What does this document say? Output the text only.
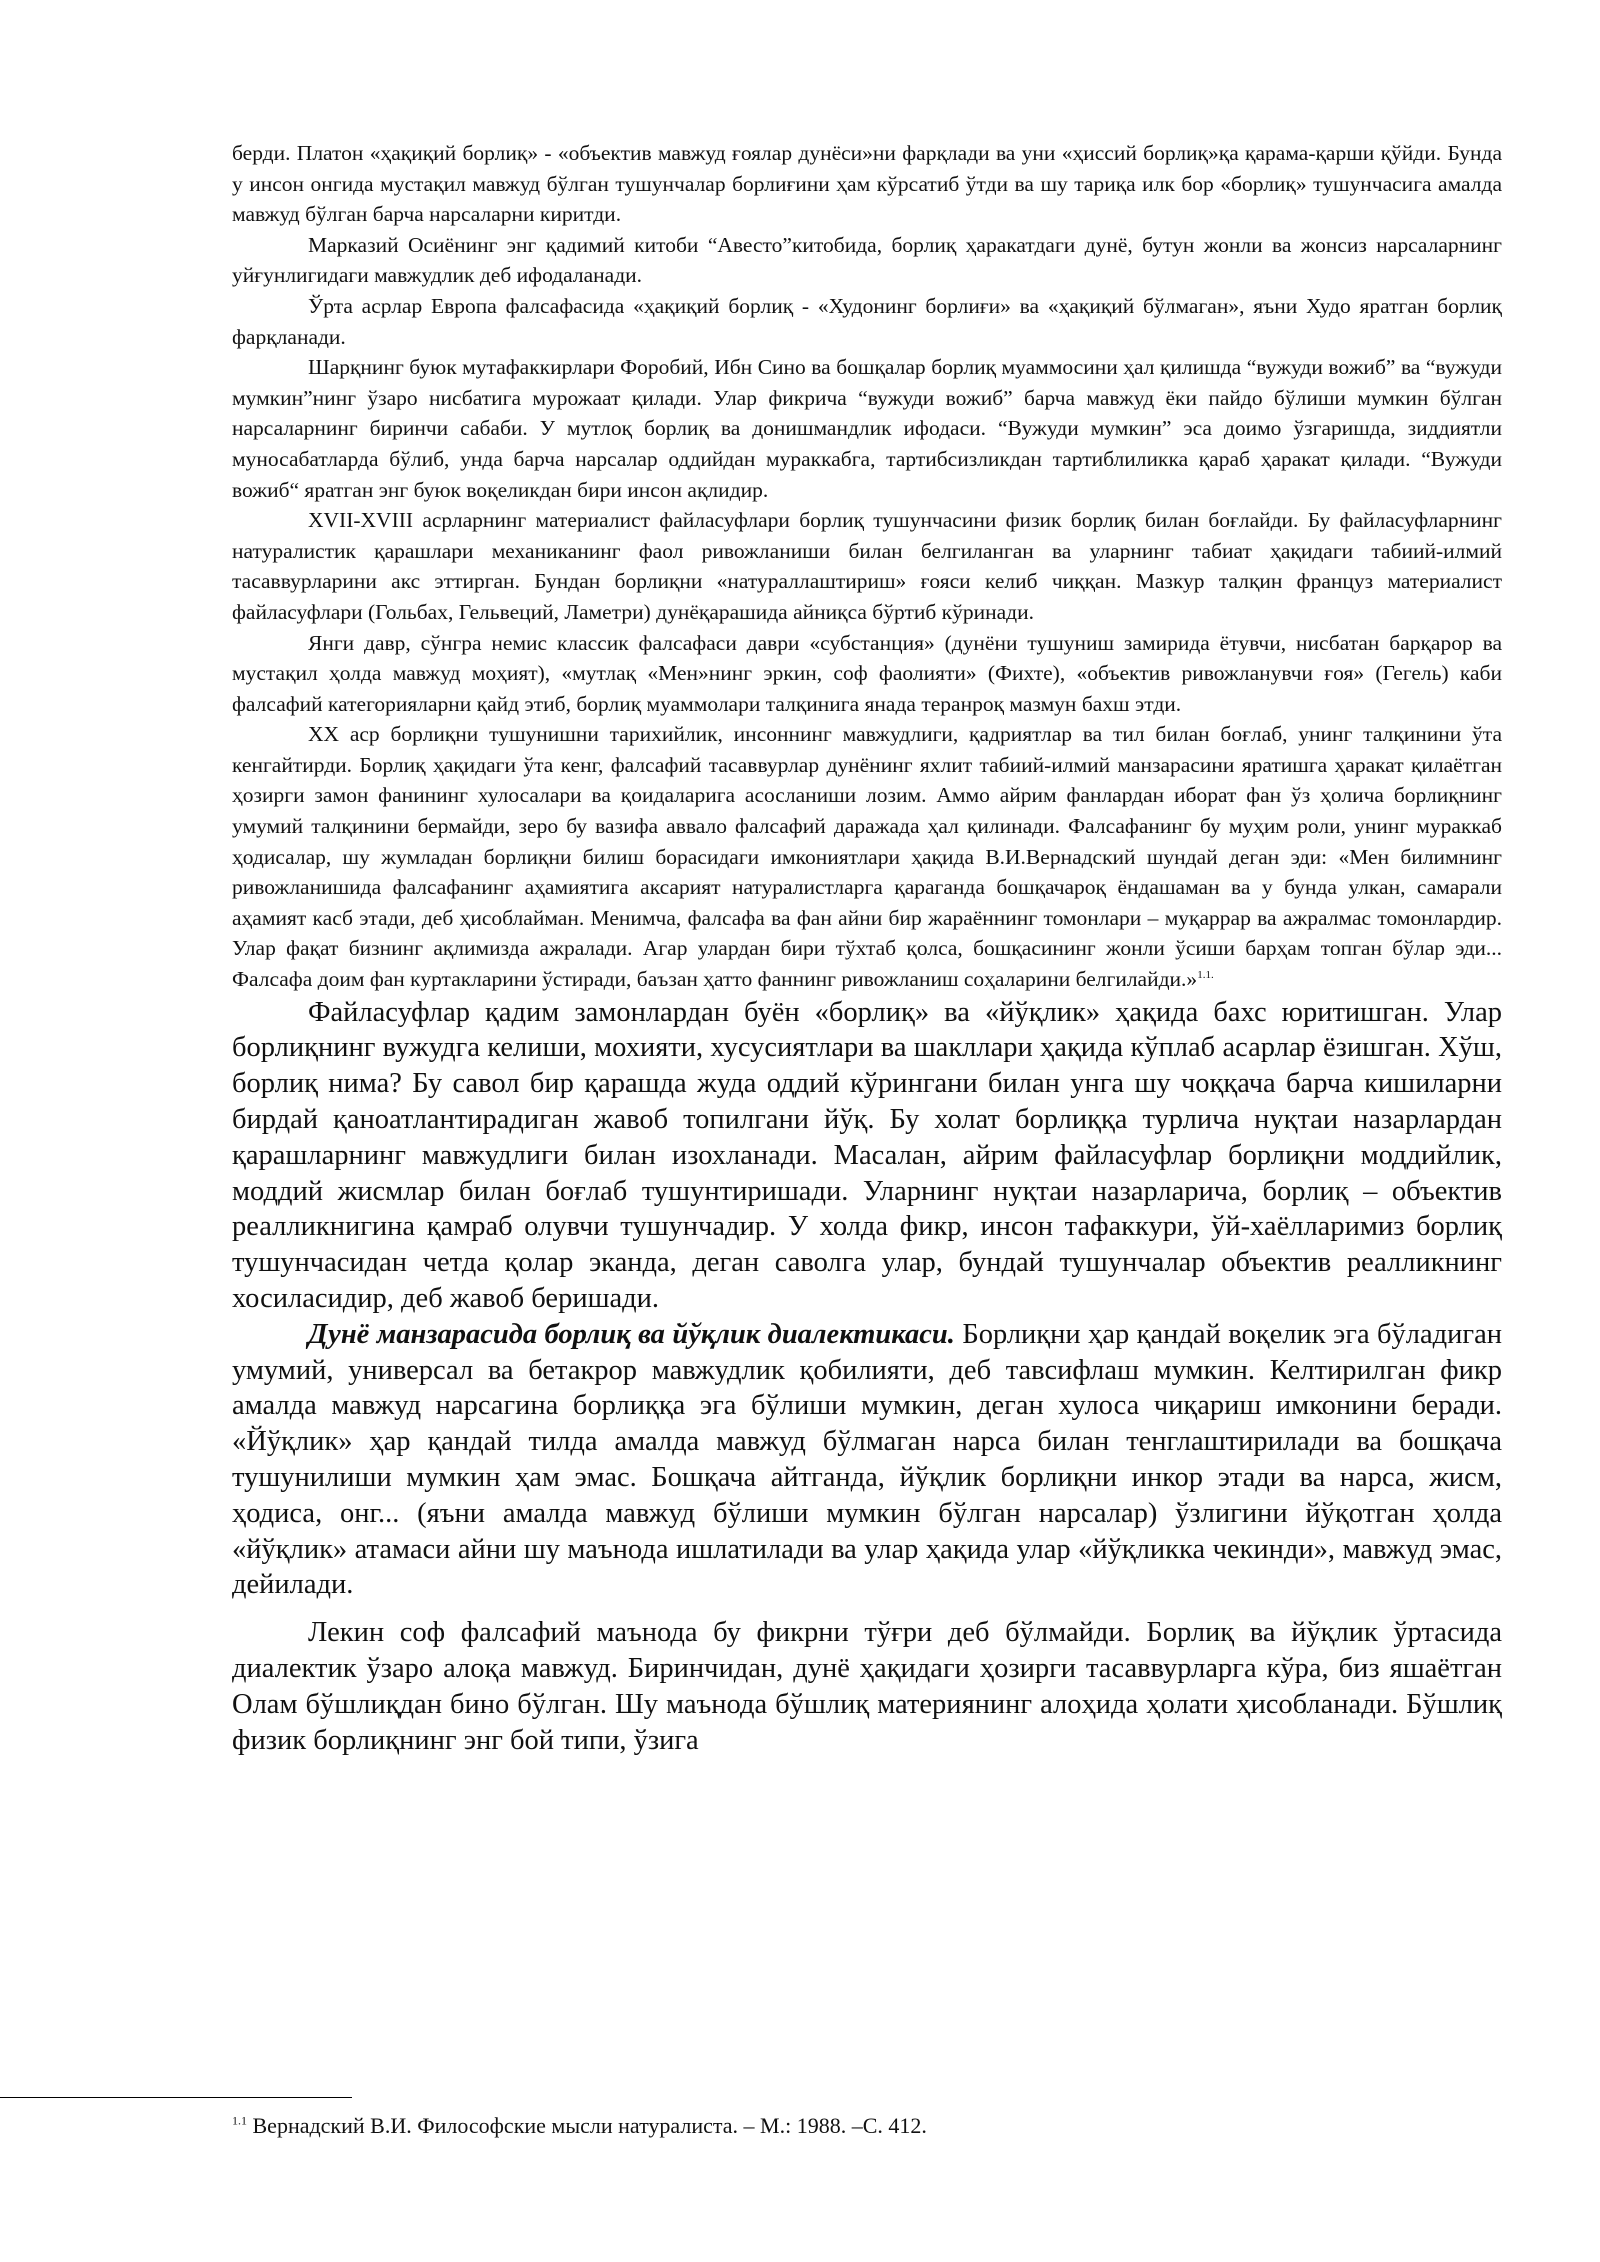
берди. Платон «ҳақиқий борлиқ» - «объектив мавжуд ғоялар дунёси»ни фарқлади ва уни «ҳиссий борлиқ»қа қарама-қарши қўйди. Бунда у инсон онгида мустақил мавжуд бўлган тушунчалар борлиғини ҳам кўрсатиб ўтди ва шу тариқа илк бор «борлиқ» тушунчасига амалда мавжуд бўлган барча нарсаларни киритди.

Марказий Осиёнинг энг қадимий китоби “Авесто”китобида, борлиқ ҳаракатдаги дунё, бутун жонли ва жонсиз нарсаларнинг уйғунлигидаги мавжудлик деб ифодаланади.

Ўрта асрлар Европа фалсафасида «ҳақиқий борлиқ - «Худонинг борлиғи» ва «ҳақиқий бўлмаган», яъни Худо яратган борлиқ фарқланади.

Шарқнинг буюк мутафаккирлари Форобий, Ибн Сино ва бошқалар борлиқ муаммосини ҳал қилишда “вужуди вожиб” ва “вужуди мумкин”нинг ўзаро нисбатига мурожаат қилади. Улар фикрича “вужуди вожиб” барча мавжуд ёки пайдо бўлиши мумкин бўлган нарсаларнинг биринчи сабаби. У мутлоқ борлиқ ва донишмандлик ифодаси. “Вужуди мумкин” эса доимо ўзгаришда, зиддиятли муносабатларда бўлиб, унда барча нарсалар оддийдан мураккабга, тартибсизликдан тартиблиликка қараб ҳаракат қилади. “Вужуди вожиб“ яратган энг буюк воқеликдан бири инсон ақлидир.

XVII-XVIII асрларнинг материалист файласуфлари борлиқ тушунчасини физик борлиқ билан боғлайди. Бу файласуфларнинг натуралистик қарашлари механиканинг фаол ривожланиши билан белгиланган ва уларнинг табиат ҳақидаги табиий-илмий тасаввурларини акс эттирган. Бундан борлиқни «натураллаштириш» ғояси келиб чиққан. Мазкур талқин француз материалист файласуфлари (Гольбах, Гельвеций, Ламетри) дунёқарашида айниқса бўртиб кўринади.

Янги давр, сўнгра немис классик фалсафаси даври «субстанция» (дунёни тушуниш замирида ётувчи, нисбатан барқарор ва мустақил ҳолда мавжуд моҳият), «мутлақ «Мен»нинг эркин, соф фаолияти» (Фихте), «объектив ривожланувчи ғоя» (Гегель) каби фалсафий категорияларни қайд этиб, борлиқ муаммолари талқинига янада теранроқ мазмун бахш этди.

XX аср борлиқни тушунишни тарихийлик, инсоннинг мавжудлиги, қадриятлар ва тил билан боғлаб, унинг талқинини ўта кенгайтирди. Борлиқ ҳақидаги ўта кенг, фалсафий тасаввурлар дунёнинг яхлит табиий-илмий манзарасини яратишга ҳаракат қилаётган ҳозирги замон фанининг хулосалари ва қоидаларига асосланиши лозим. Аммо айрим фанлардан иборат фан ўз ҳолича борлиқнинг умумий талқинини бермайди, зеро бу вазифа аввало фалсафий даражада ҳал қилинади. Фалсафанинг бу муҳим роли, унинг мураккаб ҳодисалар, шу жумладан борлиқни билиш борасидаги имкониятлари ҳақида В.И.Вернадский шундай деган эди: «Мен билимнинг ривожланишида фалсафанинг аҳамиятига аксарият натуралистларга қараганда бошқачароқ ёндашаман ва у бунда улкан, самарали аҳамият касб этади, деб ҳисоблайман. Менимча, фалсафа ва фан айни бир жараённинг томонлари – муқаррар ва ажралмас томонлардир. Улар фақат бизнинг ақлимизда ажралади. Агар улардан бири тўхтаб қолса, бошқасининг жонли ўсиши барҳам топган бўлар эди... Фалсафа доим фан куртакларини ўстиради, баъзан ҳатто фаннинг ривожланиш соҳаларини белгилайди.»$^{1.1.}$

Файласуфлар қадим замонлардан буён «борлиқ» ва «йўқлик» ҳақида бахс юритишган. Улар борлиқнинг вужудга келиши, мохияти, хусусиятлари ва шакллари ҳақида кўплаб асарлар ёзишган. Хўш, борлиқ нима? Бу савол бир қарашда жуда оддий кўрингани билан унга шу чоққача барча кишиларни бирдай қаноатлантирадиган жавоб топилгани йўқ. Бу холат борлиққа турлича нуқтаи назарлардан қарашларнинг мавжудлиги билан изохланади. Масалан, айрим файласуфлар борлиқни моддийлик, моддий жисмлар билан боғлаб тушунтиришади. Уларнинг нуқтаи назарларича, борлиқ – объектив реалликнигина қамраб олувчи тушунчадир. У холда фикр, инсон тафаккури, ўй-хаёлларимиз борлиқ тушунчасидан четда қолар эканда, деган саволга улар, бундай тушунчалар объектив реалликнинг хосиласидир, деб жавоб беришади.

Дунё манзарасида борлиқ ва йўқлик диалектикаси. Борлиқни ҳар қандай воқелик эга бўладиган умумий, универсал ва бетакрор мавжудлик қобилияти, деб тавсифлаш мумкин. Келтирилган фикр амалда мавжуд нарсагина борлиққа эга бўлиши мумкин, деган хулоса чиқариш имконини беради. «Йўқлик» ҳар қандай тилда амалда мавжуд бўлмаган нарса билан тенглаштирилади ва бошқача тушунилиши мумкин ҳам эмас. Бошқача айтганда, йўқлик борлиқни инкор этади ва нарса, жисм, ҳодиса, онг... (яъни амалда мавжуд бўлиши мумкин бўлган нарсалар) ўзлигини йўқотган ҳолда «йўқлик» атамаси айни шу маънода ишлатилади ва улар ҳақида улар «йўқликка чекинди», мавжуд эмас, дейилади.

Лекин соф фалсафий маънода бу фикрни тўғри деб бўлмайди. Борлиқ ва йўқлик ўртасида диалектик ўзаро алоқа мавжуд. Биринчидан, дунё ҳақидаги ҳозирги тасаввурларга кўра, биз яшаётган Олам бўшлиқдан бино бўлган. Шу маънода бўшлиқ материянинг алоҳида ҳолати ҳисобланади. Бўшлиқ физик борлиқнинг энг бой типи, ўзига

$^{1.1}$ Вернадский В.И. Философские мысли натуралиста. – М.: 1988. –С. 412.
